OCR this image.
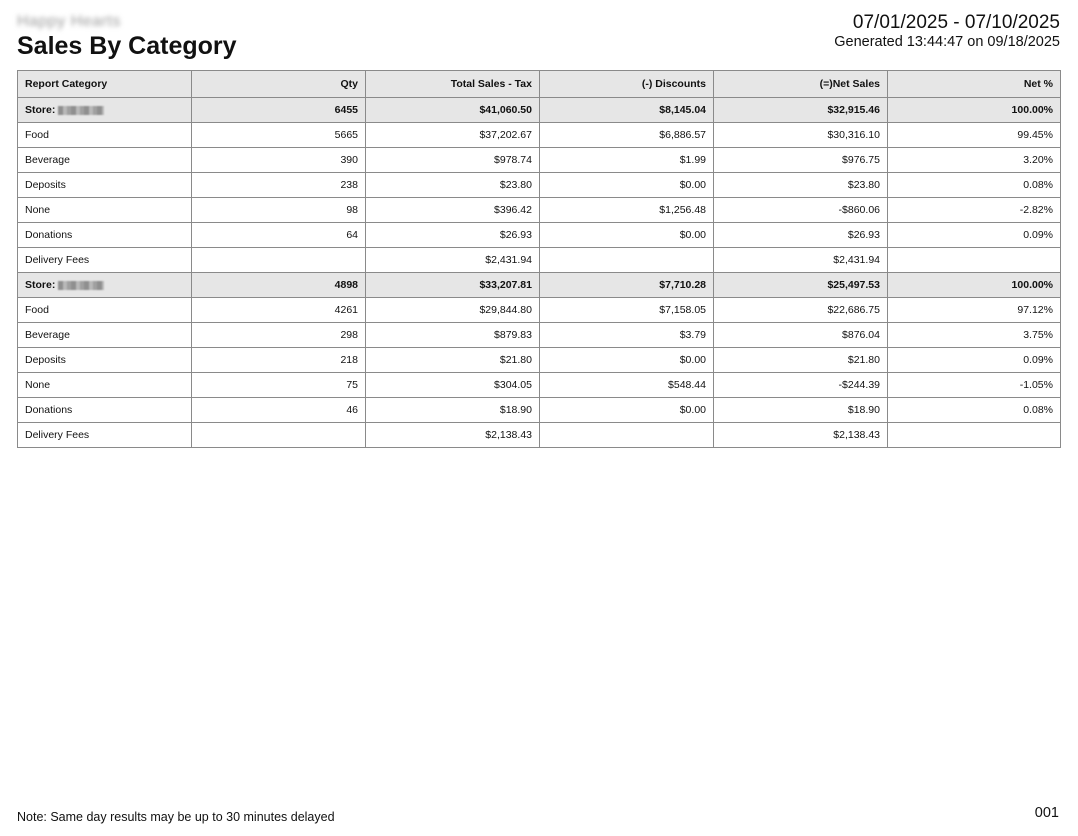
Happy Hearts
Sales By Category
07/01/2025 - 07/10/2025
Generated 13:44:47 on 09/18/2025
Report Category	Qty	Total Sales - Tax	(-) Discounts	(=)Net Sales	Net %
Store:	6455	$41,060.50	$8,145.04	$32,915.46	100.00%
Food	5665	$37,202.67	$6,886.57	$30,316.10	99.45%
Beverage	390	$978.74	$1.99	$976.75	3.20%
Deposits	238	$23.80	$0.00	$23.80	0.08%
None	98	$396.42	$1,256.48	-$860.06	-2.82%
Donations	64	$26.93	$0.00	$26.93	0.09%
Delivery Fees		$2,431.94		$2,431.94	
Store:	4898	$33,207.81	$7,710.28	$25,497.53	100.00%
Food	4261	$29,844.80	$7,158.05	$22,686.75	97.12%
Beverage	298	$879.83	$3.79	$876.04	3.75%
Deposits	218	$21.80	$0.00	$21.80	0.09%
None	75	$304.05	$548.44	-$244.39	-1.05%
Donations	46	$18.90	$0.00	$18.90	0.08%
Delivery Fees		$2,138.43		$2,138.43	
Note: Same day results may be up to 30 minutes delayed	001
